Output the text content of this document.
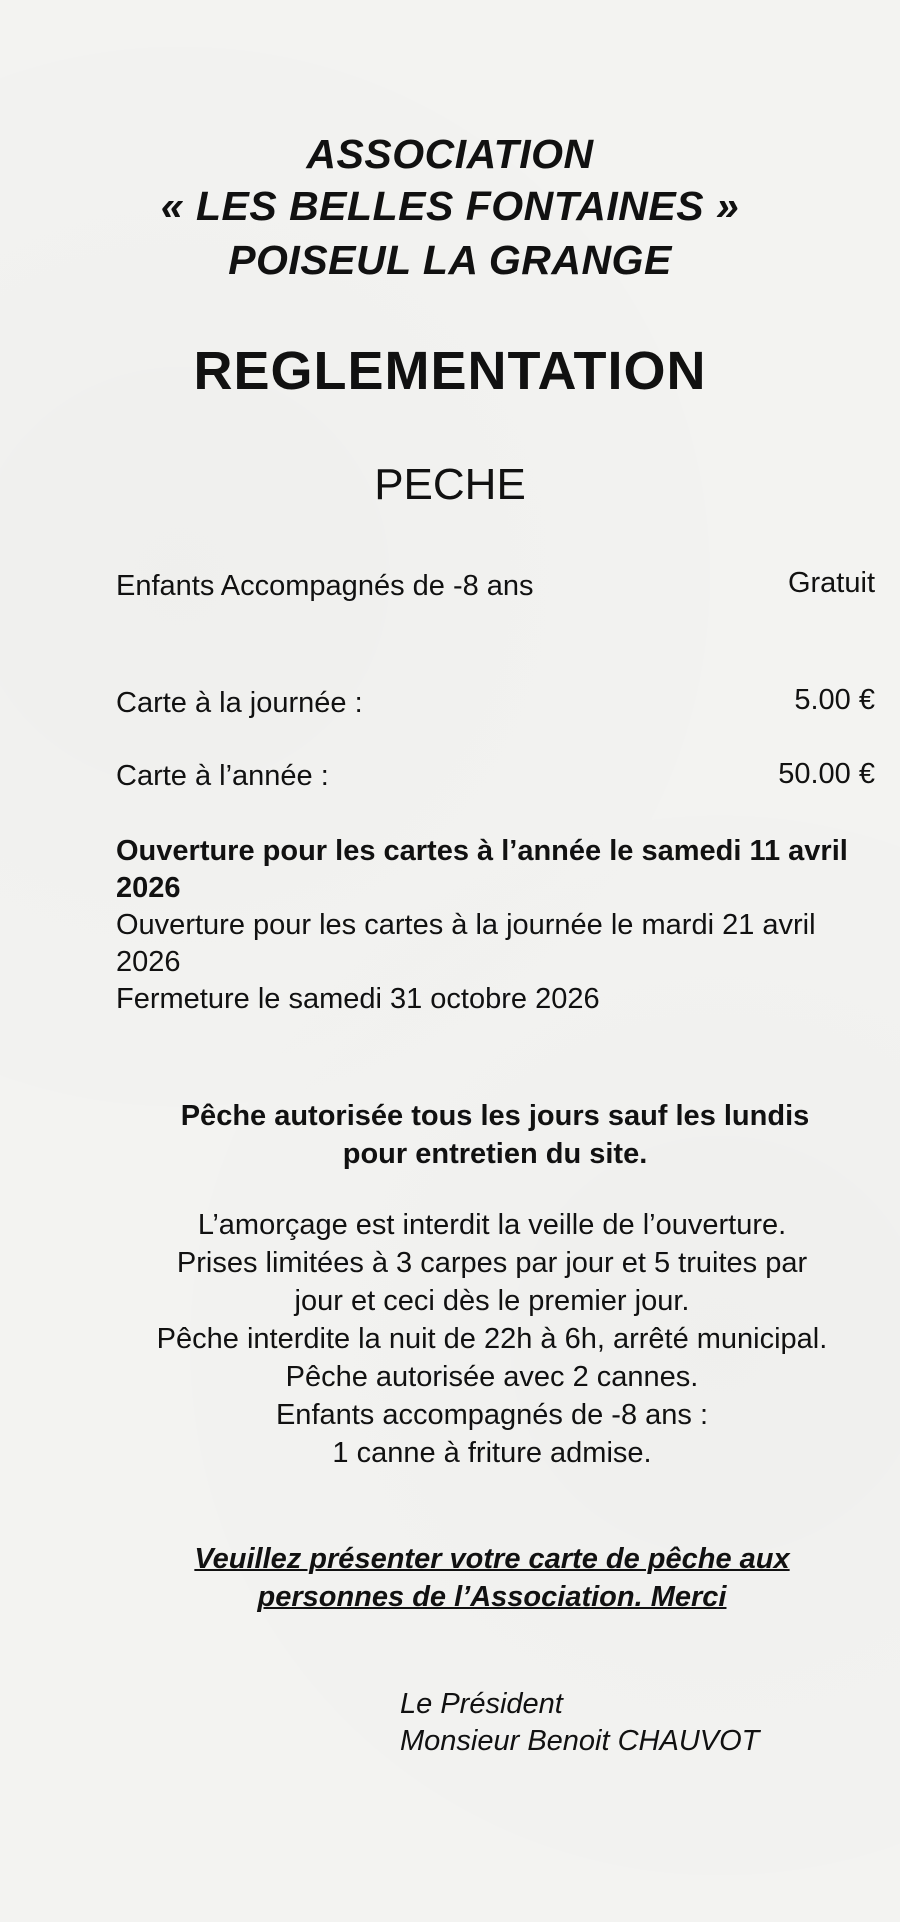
ASSOCIATION
« LES BELLES FONTAINES »
POISEUL LA GRANGE
REGLEMENTATION
PECHE
Enfants Accompagnés de -8 ans	Gratuit
Carte à la journée :	5.00 €
Carte à l’année :	50.00 €

Ouverture pour les cartes à l’année le samedi 11 avril 2026

Ouverture pour les cartes à la journée le mardi 21 avril 2026

Fermeture le samedi 31 octobre 2026

Pêche autorisée tous les jours sauf les lundis

pour entretien du site.

L’amorçage est interdit la veille de l’ouverture.

Prises limitées à 3 carpes par jour et 5 truites par

jour et ceci dès le premier jour.

Pêche interdite la nuit de 22h à 6h, arrêté municipal.

Pêche autorisée avec 2 cannes.

Enfants accompagnés de -8 ans :

1 canne à friture admise.

Veuillez présenter votre carte de pêche aux

personnes de l’Association. Merci

Le Président

Monsieur Benoit CHAUVOT
